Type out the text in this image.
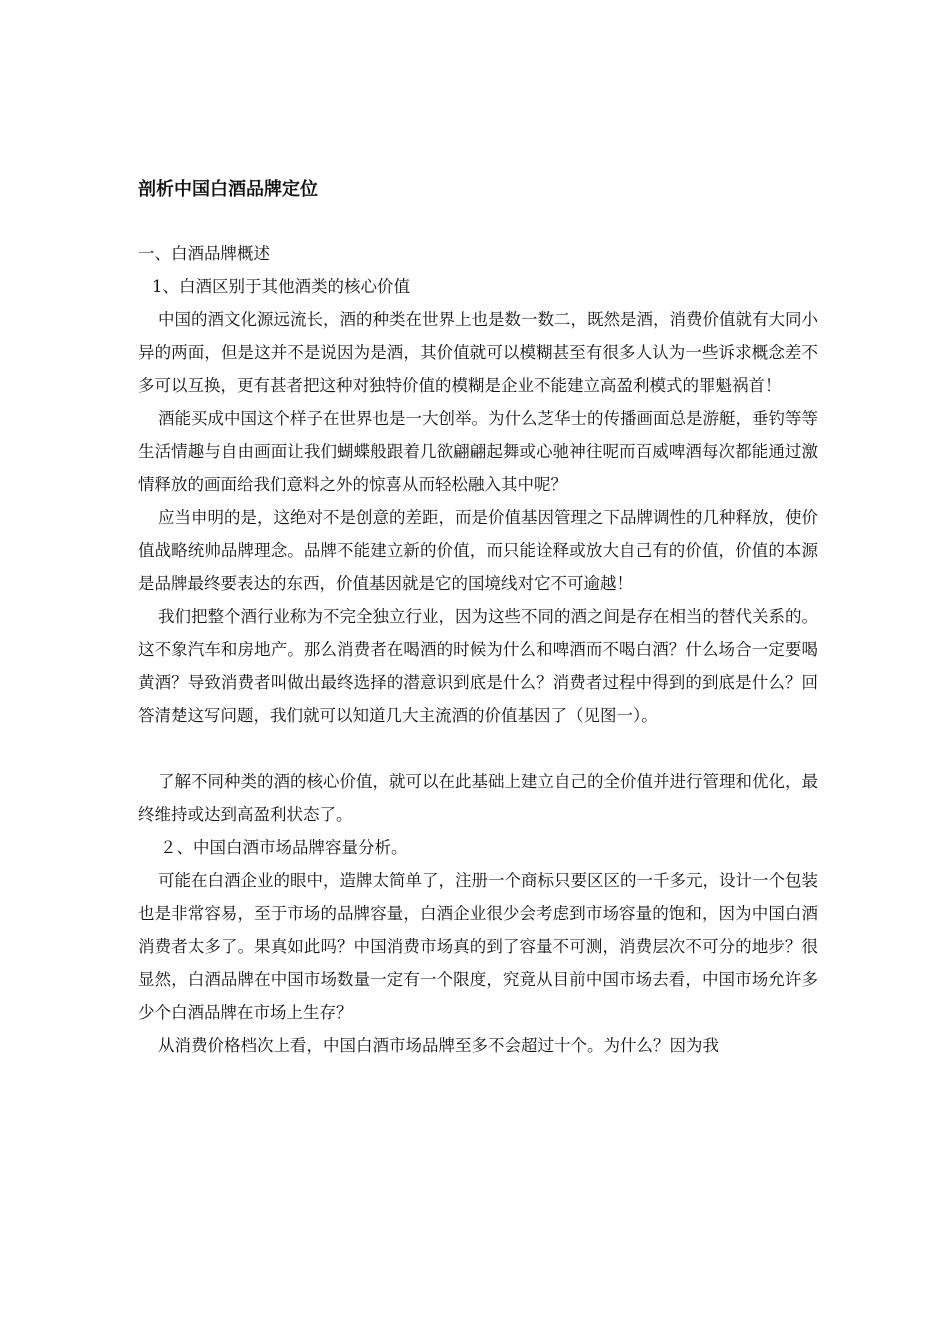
剖析中国白酒品牌定位

一、白酒品牌概述

1、白酒区别于其他酒类的核心价值

中国的酒文化源远流长，酒的种类在世界上也是数一数二，既然是酒，消费价值就有大同小异的两面，但是这并不是说因为是酒，其价值就可以模糊甚至有很多人认为一些诉求概念差不多可以互换，更有甚者把这种对独特价值的模糊是企业不能建立高盈利模式的罪魁祸首！

酒能买成中国这个样子在世界也是一大创举。为什么芝华士的传播画面总是游艇，垂钓等等生活情趣与自由画面让我们蝴蝶般跟着几欲翩翩起舞或心驰神往呢而百威啤酒每次都能通过激情释放的画面给我们意料之外的惊喜从而轻松融入其中呢？

应当申明的是，这绝对不是创意的差距，而是价值基因管理之下品牌调性的几种释放，使价值战略统帅品牌理念。品牌不能建立新的价值，而只能诠释或放大自己有的价值，价值的本源是品牌最终要表达的东西，价值基因就是它的国境线对它不可逾越！

我们把整个酒行业称为不完全独立行业，因为这些不同的酒之间是存在相当的替代关系的。这不象汽车和房地产。那么消费者在喝酒的时候为什么和啤酒而不喝白酒？什么场合一定要喝黄酒？导致消费者叫做出最终选择的潜意识到底是什么？消费者过程中得到的到底是什么？回答清楚这写问题，我们就可以知道几大主流酒的价值基因了（见图一）。

了解不同种类的酒的核心价值，就可以在此基础上建立自己的全价值并进行管理和优化，最终维持或达到高盈利状态了。

２、中国白酒市场品牌容量分析。

可能在白酒企业的眼中，造牌太简单了，注册一个商标只要区区的一千多元，设计一个包装也是非常容易，至于市场的品牌容量，白酒企业很少会考虑到市场容量的饱和，因为中国白酒消费者太多了。果真如此吗？中国消费市场真的到了容量不可测，消费层次不可分的地步？很显然，白酒品牌在中国市场数量一定有一个限度，究竟从目前中国市场去看，中国市场允许多少个白酒品牌在市场上生存？

从消费价格档次上看，中国白酒市场品牌至多不会超过十个。为什么？因为我
